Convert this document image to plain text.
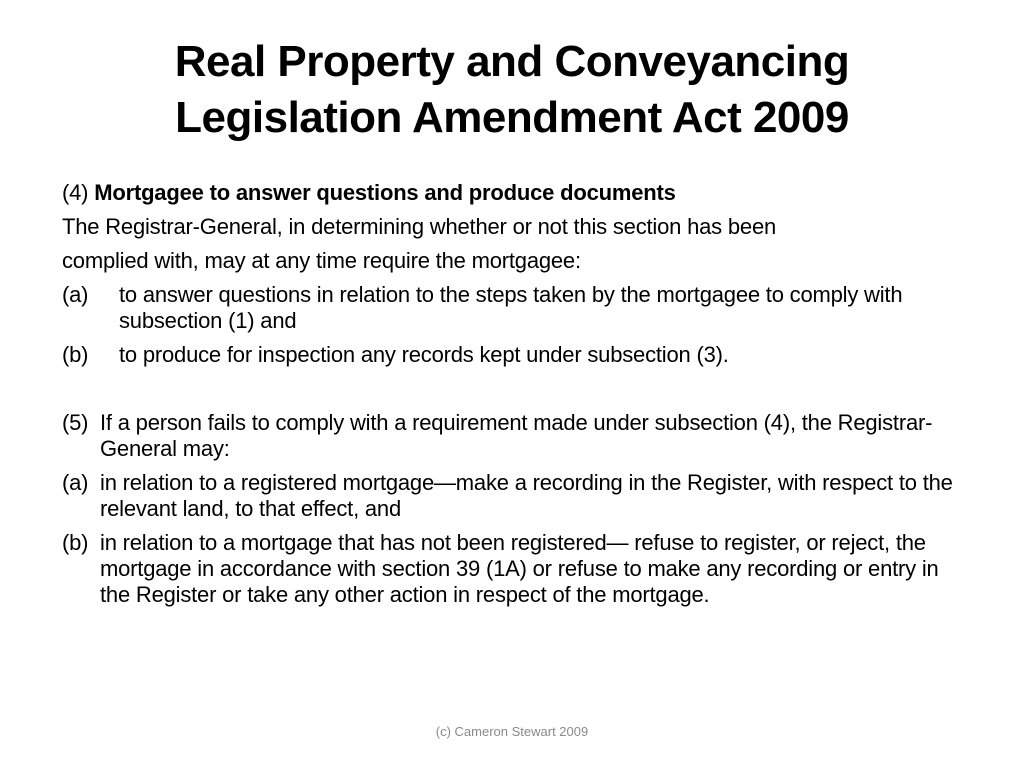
Real Property and Conveyancing
Legislation Amendment Act 2009

(4) Mortgagee to answer questions and produce documents

The Registrar-General, in determining whether or not this section has been

complied with, may at any time require the mortgagee:

(a)	to answer questions in relation to the steps taken by the mortgagee to comply with subsection (1) and
(b)	to produce for inspection any records kept under subsection (3).
(5) If a person fails to comply with a requirement made under subsection (4), the Registrar-General may:
(a) in relation to a registered mortgage—make a recording in the Register, with respect to the relevant land, to that effect, and
(b) in relation to a mortgage that has not been registered— refuse to register, or reject, the mortgage in accordance with section 39 (1A) or refuse to make any recording or entry in the Register or take any other action in respect of the mortgage.
(c) Cameron Stewart 2009
